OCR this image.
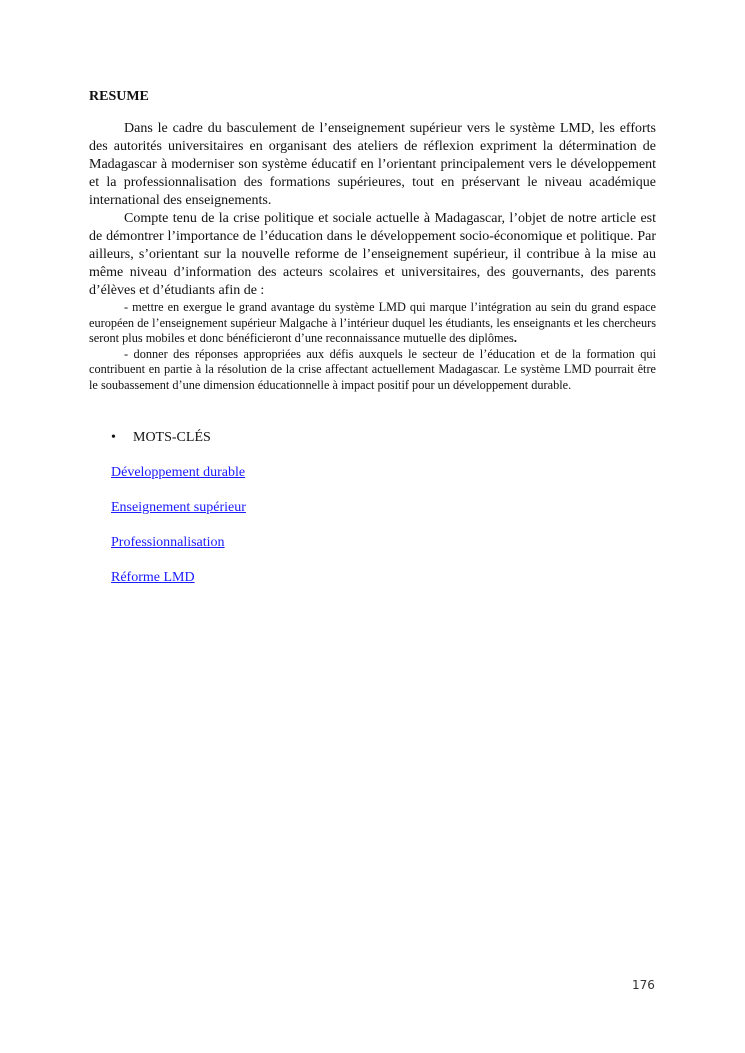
RESUME

Dans le cadre du basculement de l’enseignement supérieur vers le système LMD, les efforts des autorités universitaires en organisant des ateliers de réflexion expriment la détermination de Madagascar à moderniser son système éducatif en l’orientant principalement vers le développement et la professionnalisation des formations supérieures, tout en préservant le niveau académique international des enseignements.

Compte tenu de la crise politique et sociale actuelle à Madagascar, l’objet de notre article est de démontrer l’importance de l’éducation dans le développement socio-économique et politique. Par ailleurs, s’orientant sur la nouvelle reforme de l’enseignement supérieur, il contribue à la mise au même niveau d’information des acteurs scolaires et universitaires, des gouvernants, des parents d’élèves et d’étudiants afin de :

- mettre en exergue le grand avantage du système LMD qui marque l’intégration au sein du grand espace européen de l’enseignement supérieur Malgache à l’intérieur duquel les étudiants, les enseignants et les chercheurs seront plus mobiles et donc bénéficieront d’une reconnaissance mutuelle des diplômes.

- donner des réponses appropriées aux défis auxquels le secteur de l’éducation et de la formation qui contribuent en partie à la résolution de la crise affectant actuellement Madagascar. Le système LMD pourrait être le soubassement d’une dimension éducationnelle à impact positif pour un développement durable.

•	MOTS-CLÉS
Développement durable
Enseignement supérieur
Professionnalisation
Réforme LMD
176
